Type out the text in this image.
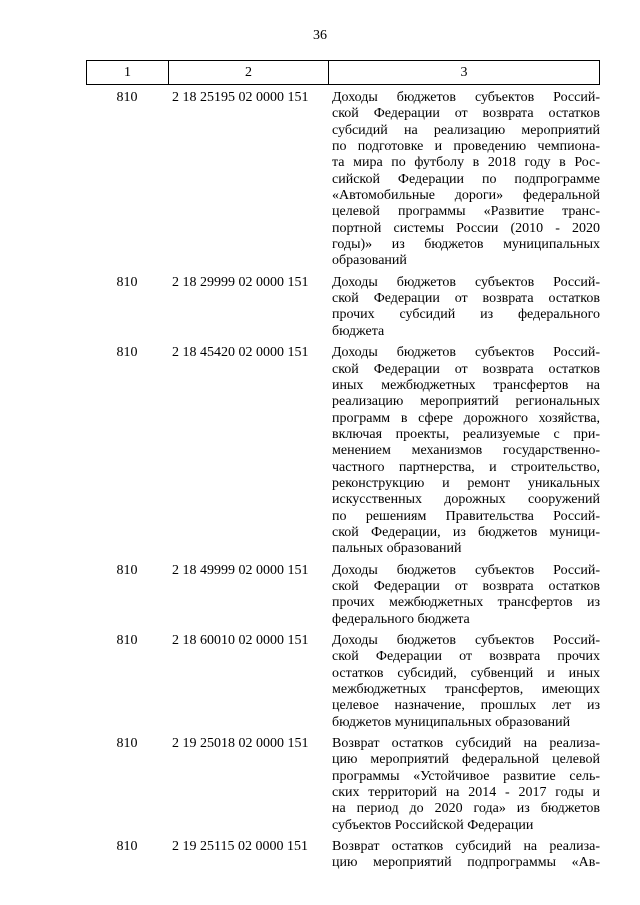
36
1	2	3
810	2 18 25195 02 0000 151	Доходы бюджетов субъектов Россий-
ской Федерации от возврата остатков
субсидий на реализацию мероприятий
по подготовке и проведению чемпиона-
та мира по футболу в 2018 году в Рос-
сийской Федерации по подпрограмме
«Автомобильные дороги» федеральной
целевой программы «Развитие транс-
портной системы России (2010 - 2020
годы)» из бюджетов муниципальных
образований
810	2 18 29999 02 0000 151	Доходы бюджетов субъектов Россий-
ской Федерации от возврата остатков
прочих субсидий из федерального
бюджета
810	2 18 45420 02 0000 151	Доходы бюджетов субъектов Россий-
ской Федерации от возврата остатков
иных межбюджетных трансфертов на
реализацию мероприятий региональных
программ в сфере дорожного хозяйства,
включая проекты, реализуемые с при-
менением механизмов государственно-
частного партнерства, и строительство,
реконструкцию и ремонт уникальных
искусственных дорожных сооружений
по решениям Правительства Россий-
ской Федерации, из бюджетов муници-
пальных образований
810	2 18 49999 02 0000 151	Доходы бюджетов субъектов Россий-
ской Федерации от возврата остатков
прочих межбюджетных трансфертов из
федерального бюджета
810	2 18 60010 02 0000 151	Доходы бюджетов субъектов Россий-
ской Федерации от возврата прочих
остатков субсидий, субвенций и иных
межбюджетных трансфертов, имеющих
целевое назначение, прошлых лет из
бюджетов муниципальных образований
810	2 19 25018 02 0000 151	Возврат остатков субсидий на реализа-
цию мероприятий федеральной целевой
программы «Устойчивое развитие сель-
ских территорий на 2014 - 2017 годы и
на период до 2020 года» из бюджетов
субъектов Российской Федерации
810	2 19 25115 02 0000 151	Возврат остатков субсидий на реализа-
цию мероприятий подпрограммы «Ав-
